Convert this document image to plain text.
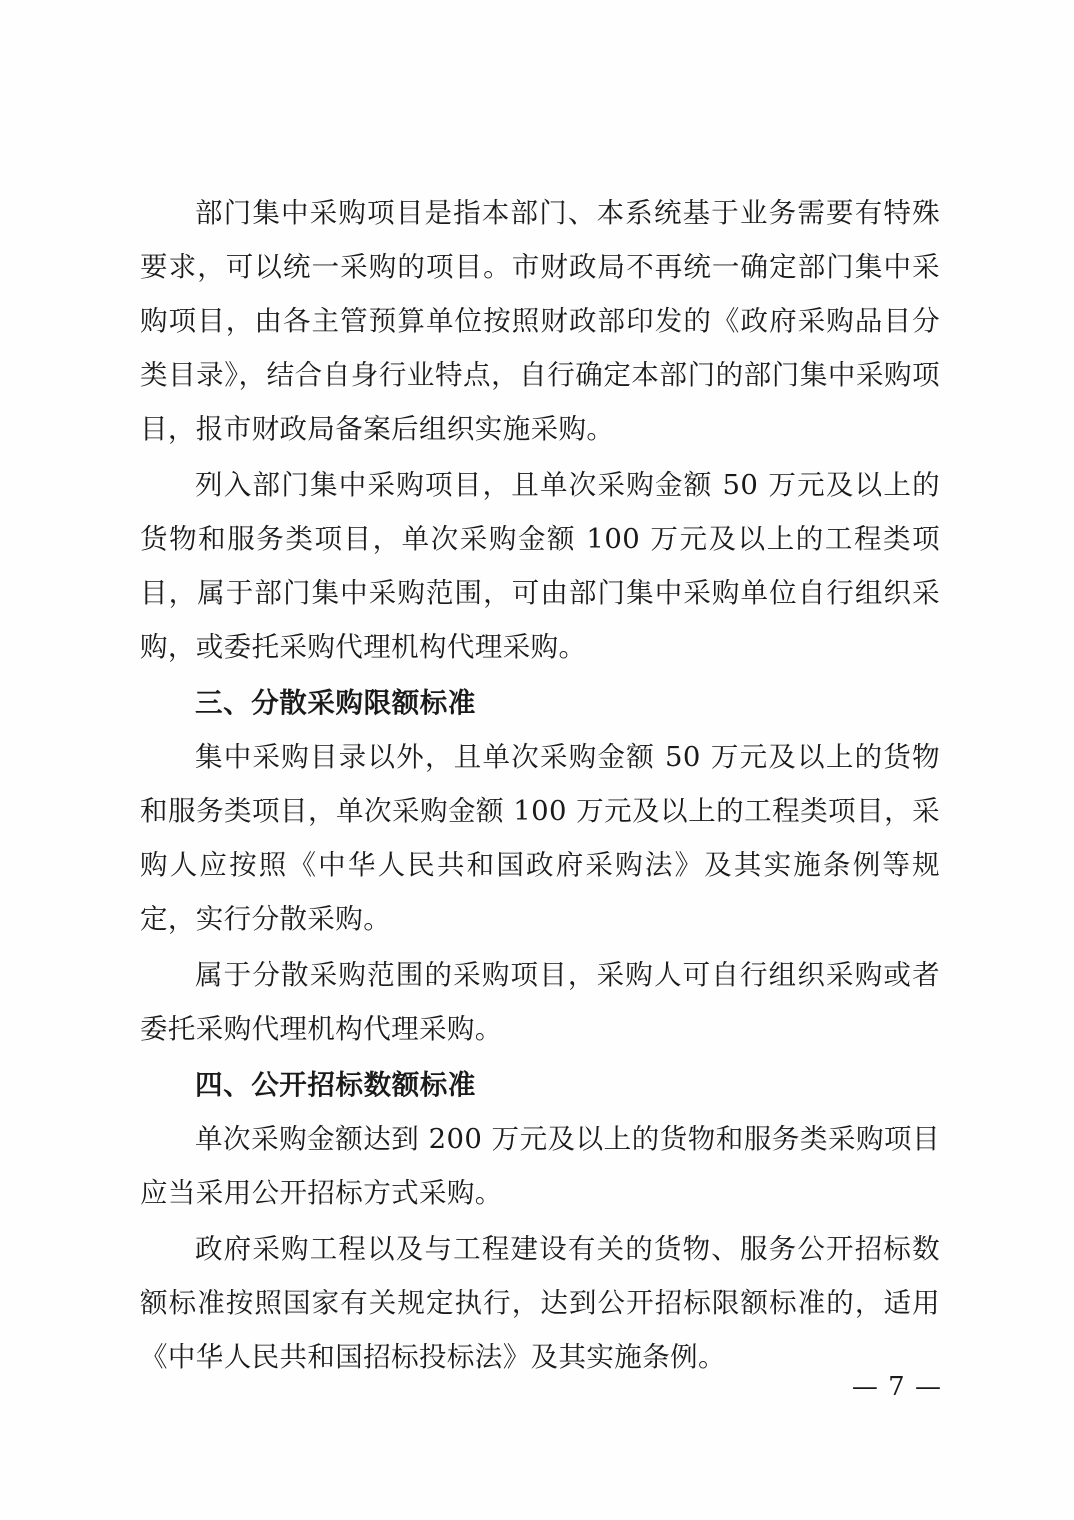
部门集中采购项目是指本部门、本系统基于业务需要有特殊要求，可以统一采购的项目。市财政局不再统一确定部门集中采购项目，由各主管预算单位按照财政部印发的《政府采购品目分类目录》，结合自身行业特点，自行确定本部门的部门集中采购项目，报市财政局备案后组织实施采购。

列入部门集中采购项目，且单次采购金额 50 万元及以上的货物和服务类项目，单次采购金额 100 万元及以上的工程类项目，属于部门集中采购范围，可由部门集中采购单位自行组织采购，或委托采购代理机构代理采购。

三、分散采购限额标准

集中采购目录以外，且单次采购金额 50 万元及以上的货物和服务类项目，单次采购金额 100 万元及以上的工程类项目，采购人应按照《中华人民共和国政府采购法》及其实施条例等规定，实行分散采购。

属于分散采购范围的采购项目，采购人可自行组织采购或者委托采购代理机构代理采购。

四、公开招标数额标准

单次采购金额达到 200 万元及以上的货物和服务类采购项目应当采用公开招标方式采购。

政府采购工程以及与工程建设有关的货物、服务公开招标数额标准按照国家有关规定执行，达到公开招标限额标准的，适用《中华人民共和国招标投标法》及其实施条例。

— 7 —
